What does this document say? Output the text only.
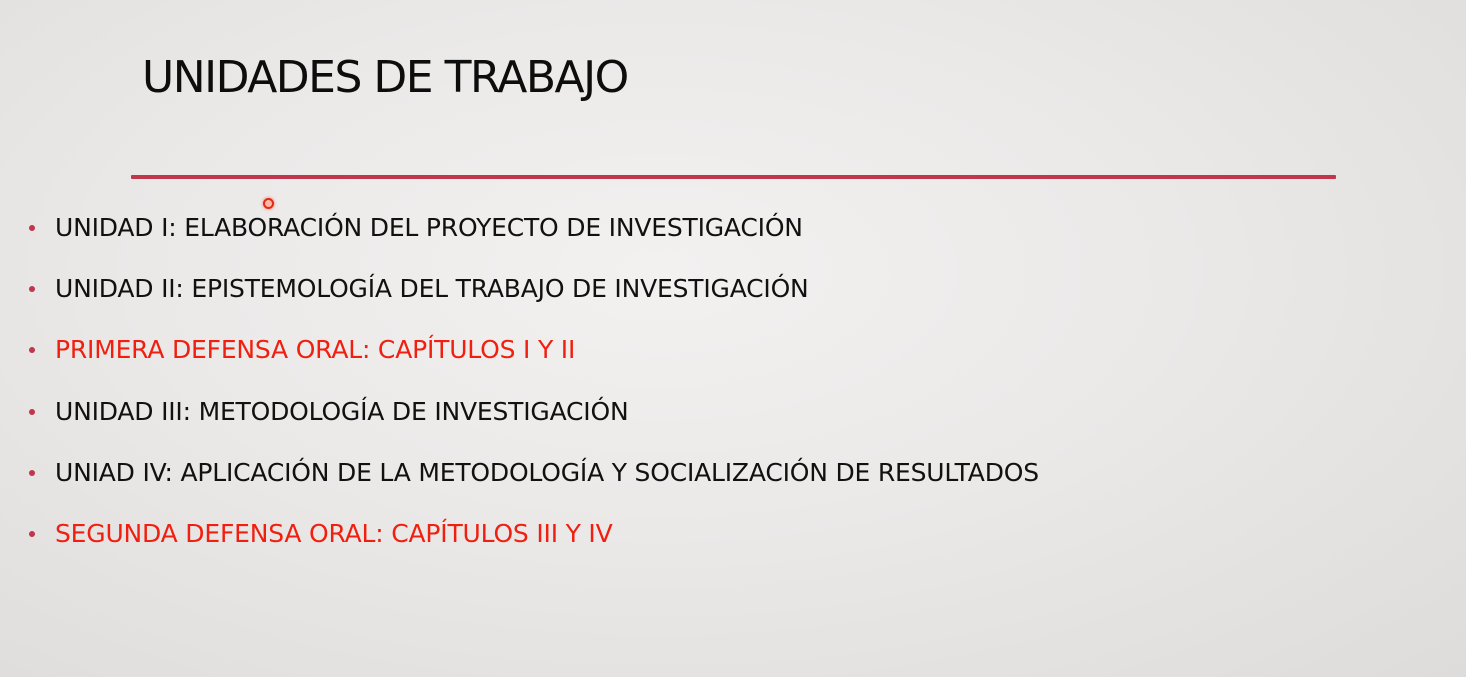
UNIDADES DE TRABAJO
UNIDAD I: ELABORACIÓN DEL PROYECTO DE INVESTIGACIÓN
UNIDAD II: EPISTEMOLOGÍA DEL TRABAJO DE INVESTIGACIÓN
PRIMERA DEFENSA ORAL: CAPÍTULOS I Y II
UNIDAD III: METODOLOGÍA DE INVESTIGACIÓN
UNIAD IV: APLICACIÓN DE LA METODOLOGÍA Y SOCIALIZACIÓN DE RESULTADOS
SEGUNDA DEFENSA ORAL: CAPÍTULOS III Y IV
